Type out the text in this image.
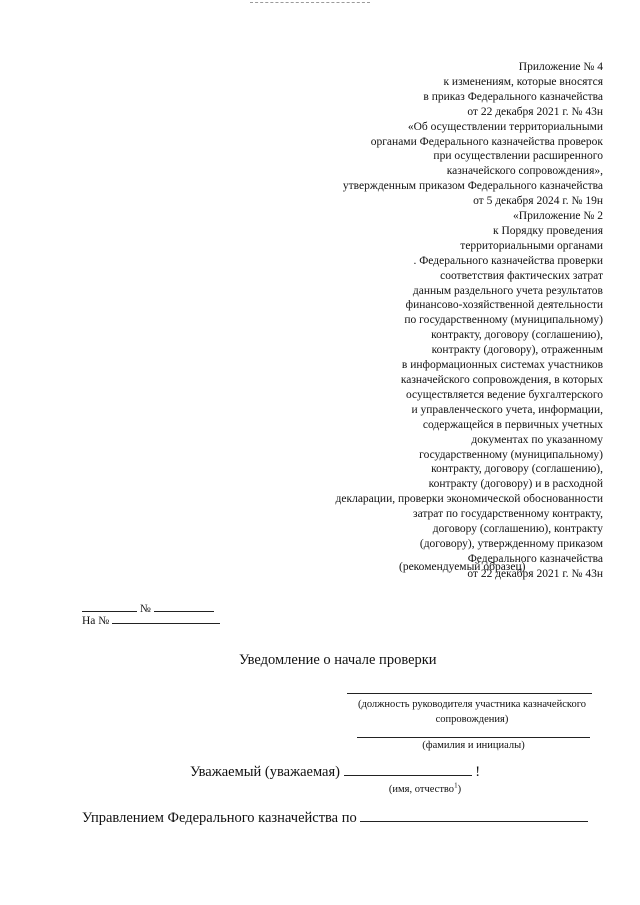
Приложение № 4
к изменениям, которые вносятся
в приказ Федерального казначейства
от 22 декабря 2021 г. № 43н
«Об осуществлении территориальными
органами Федерального казначейства проверок
при осуществлении расширенного
казначейского сопровождения»,
утвержденным приказом Федерального казначейства
от 5 декабря 2024 г. № 19н
«Приложение № 2
к Порядку проведения
территориальными органами
. Федерального казначейства проверки
соответствия фактических затрат
данным раздельного учета результатов
финансово-хозяйственной деятельности
по государственному (муниципальному)
контракту, договору (соглашению),
контракту (договору), отраженным
в информационных системах участников
казначейского сопровождения, в которых
осуществляется ведение бухгалтерского
и управленческого учета, информации,
содержащейся в первичных учетных
документах по указанному
государственному (муниципальному)
контракту, договору (соглашению),
контракту (договору) и в расходной
декларации, проверки экономической обоснованности
затрат по государственному контракту,
договору (соглашению), контракту
(договору), утвержденному приказом
Федерального казначейства
от 22 декабря 2021 г. № 43н
(рекомендуемый образец)
№
На №
Уведомление о начале проверки
(должность руководителя участника казначейского
сопровождения)
(фамилия и инициалы)
Уважаемый (уважаемая)	!
(имя, отчество$^1$)
Управлением Федерального казначейства по
